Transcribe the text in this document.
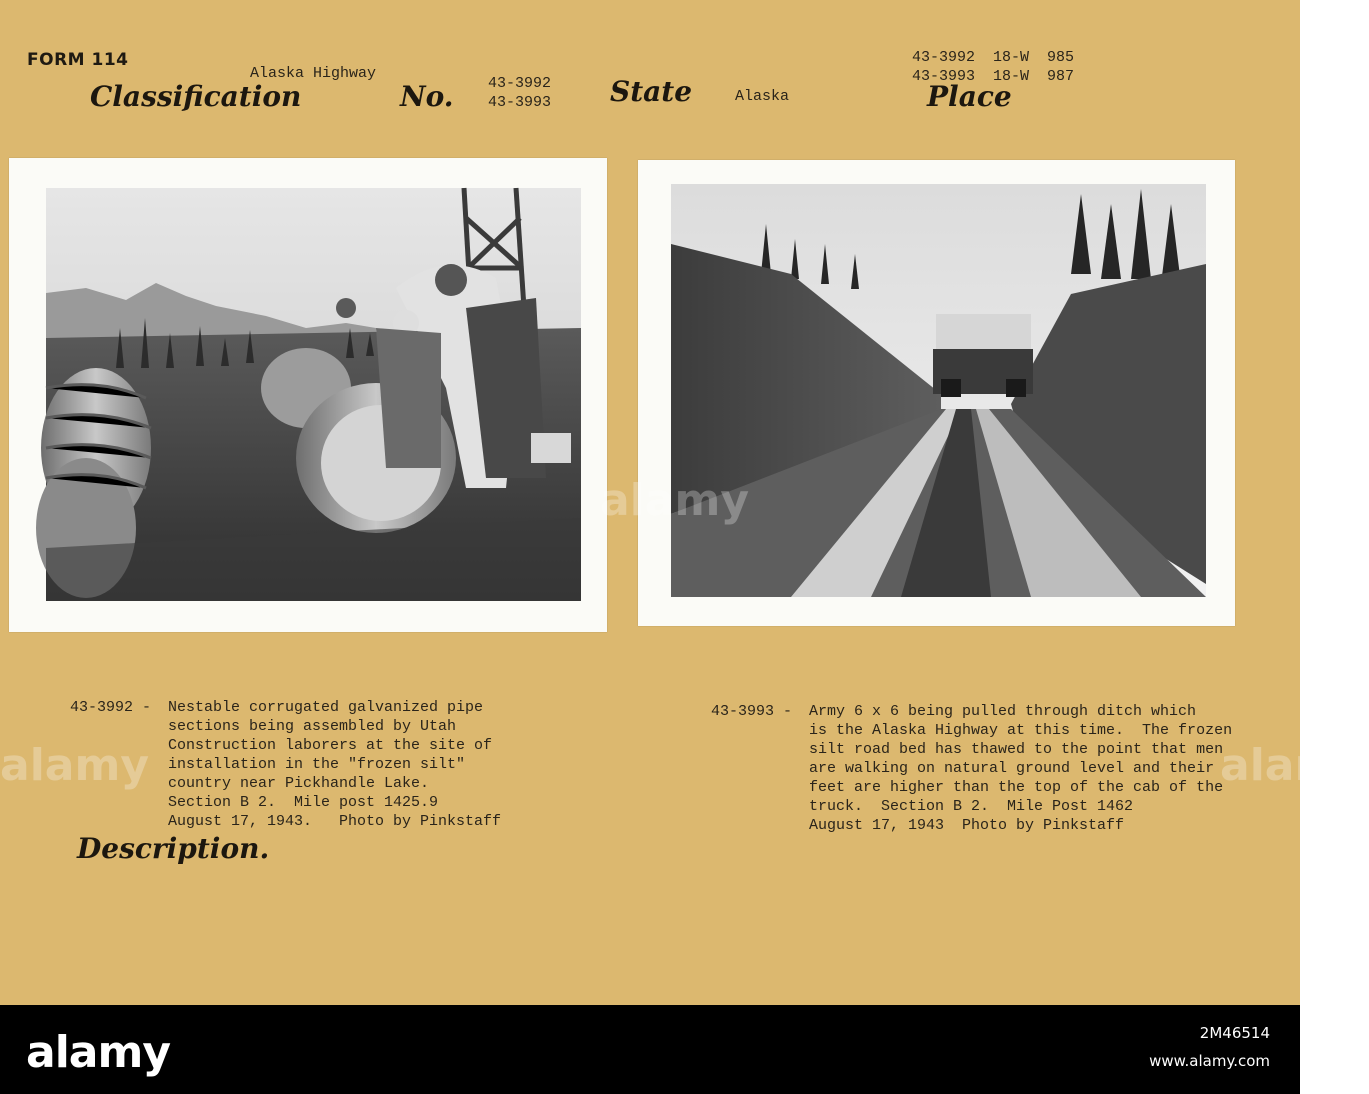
FORM 114
Classification
Alaska Highway
No. 43-3992
43-3993 State	Alaska	Place
43-3992  18-W  985
43-3993  18-W  987
43-3992 - Nestable corrugated galvanized pipe
sections being assembled by Utah
Construction laborers at the site of
installation in the "frozen silt"
country near Pickhandle Lake.
Section B 2.  Mile post 1425.9
August 17, 1943.   Photo by Pinkstaff
43-3993 - Army 6 x 6 being pulled through ditch which
is the Alaska Highway at this time.  The frozen
silt road bed has thawed to the point that men
are walking on natural ground level and their
feet are higher than the top of the cab of the
truck.  Section B 2.  Mile Post 1462
August 17, 1943  Photo by Pinkstaff
Description.
alamy
alamy
alamy
alamy	2M46514
www.alamy.com
